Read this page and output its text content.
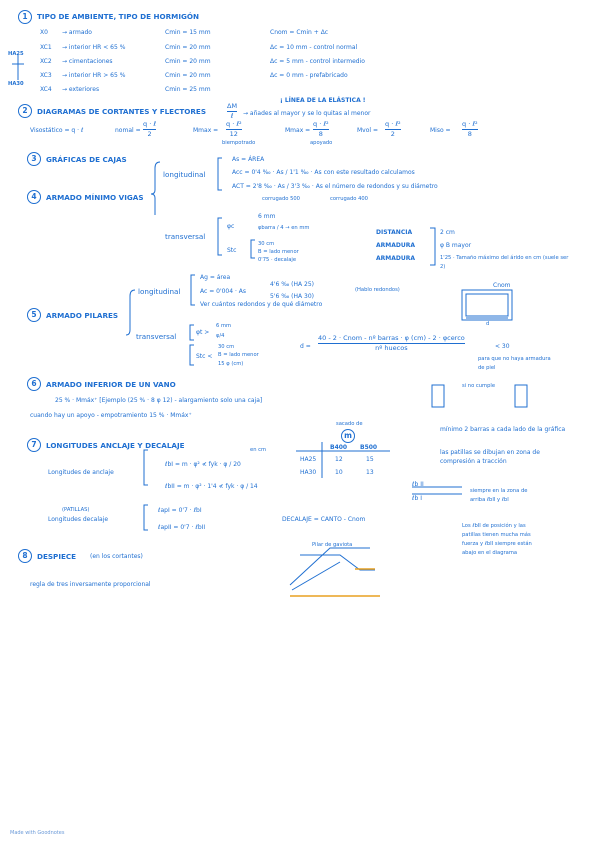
1	TIPO DE AMBIENTE, TIPO DE HORMIGÓN
HA25
HA30
X0 → armado	Cmin = 15 mm	Cnom = Cmin + Δc
XC1 → interior HR < 65 %	Cmin = 20 mm	Δc = 10 mm - control normal
XC2 → cimentaciones	Cmin = 20 mm	Δc = 5 mm - control intermedio
XC3 → interior HR > 65 %	Cmin = 20 mm	Δc = 0 mm - prefabricado
XC4 → exteriores	Cmin = 25 mm
2	DIAGRAMAS DE CORTANTES Y FLECTORES
ΔM
ℓ → añades al mayor y se lo quitas al menor
¡ LÍNEA DE LA ELÁSTICA !
Visostático = q · ℓ	nomal =
q · ℓ
2	Mmax =
q · ℓ²
12
biempotrado
Mmax =
q · ℓ²
8
apoyado
Mvol =
q · ℓ²
2	Miso =
q · ℓ²
8
3	GRÁFICAS DE CAJAS
longitudinal
As = ÁREA
Acc = 0'4 ‰ · As / 1'1 ‰ · As con este resultado calculamos
ACT = 2'8 ‰ · As / 3'3 ‰ · As el número de redondos y su diámetro
corrugado 500	corrugado 400
4	ARMADO MÍNIMO VIGAS
transversal
φc
6 mm
φbarra / 4 → en mm
Stc
30 cm
B = lado menor
0'75 · decalaje
DISTANCIA
ARMADURA
ARMADURA
2 cm
φ B mayor
1'25 · Tamaño máximo del árido en cm (suele ser 2)
5	ARMADO PILARES
longitudinal
Ag = área
Ac = 0'004 · As
4'6 ‰ (HA 25)
5'6 ‰ (HA 30)
(Hablo redondos)
Ver cuántos redondos y de qué diámetro
Cnom
d
transversal	φt >
6 mm
φ/4
Stc <
30 cm
B = lado menor
15 φ (cm)
d =
40 - 2 · Cnom - nº barras · φ (cm) - 2 · φcerco
nº huecos	< 30
para que no haya armadura de piel
6	ARMADO INFERIOR DE UN VANO
25 % · Mmáx⁺ [Ejemplo (25 % · 8 φ 12) - alargamiento solo una caja]
cuando hay un apoyo - empotramiento 15 % · Mmáx⁺
si no cumple
7	LONGITUDES ANCLAJE Y DECALAJE	en cm
Longitudes de anclaje
ℓbI = m · φ² ≮ fyk · φ / 20
ℓbII = m · φ² · 1'4 ≮ fyk · φ / 14
(PATILLAS)
Longitudes decalaje
ℓapI = 0'7 · ℓbI
ℓapII = 0'7 · ℓbII
DECALAJE = CANTO - Cnom
sacado de
m
B400 B500
HA25	12	15
HA30	10	13
mínimo 2 barras a cada lado de la gráfica
las patillas se dibujan en zona de compresión a tracción
ℓb II
ℓb I
siempre en la zona de arriba ℓbII y ℓbI
Los ℓbII de posición y las patillas tienen mucha más fuerza y ℓbII siempre están abajo en el diagrama
8	DESPIECE (en los cortantes)
regla de tres inversamente proporcional
Pilar de gaviota
Made with Goodnotes
